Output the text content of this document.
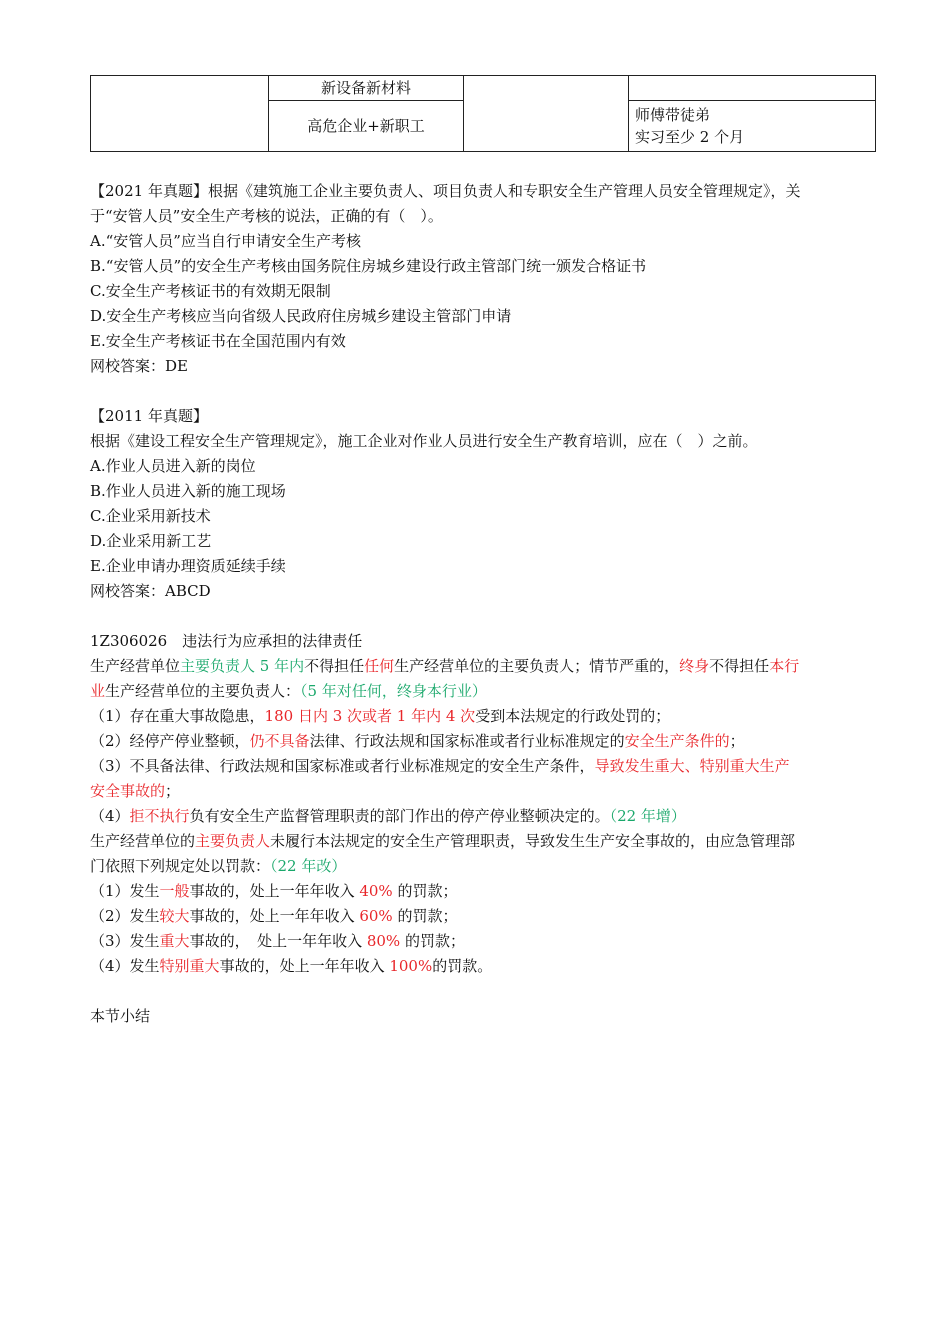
	新设备新材料		
	高危企业+新职工		师傅带徒弟
实习至少 2 个月
【2021 年真题】根据《建筑施工企业主要负责人、项目负责人和专职安全生产管理人员安全管理规定》，关
于“安管人员”安全生产考核的说法，正确的有（　）。
A.“安管人员”应当自行申请安全生产考核
B.“安管人员”的安全生产考核由国务院住房城乡建设行政主管部门统一颁发合格证书
C.安全生产考核证书的有效期无限制
D.安全生产考核应当向省级人民政府住房城乡建设主管部门申请
E.安全生产考核证书在全国范围内有效
网校答案：DE
【2011 年真题】
根据《建设工程安全生产管理规定》，施工企业对作业人员进行安全生产教育培训，应在（　）之前。
A.作业人员进入新的岗位
B.作业人员进入新的施工现场
C.企业采用新技术
D.企业采用新工艺
E.企业申请办理资质延续手续
网校答案：ABCD
1Z306026　违法行为应承担的法律责任
生产经营单位主要负责人 5 年内不得担任任何生产经营单位的主要负责人；情节严重的，终身不得担任本行
业生产经营单位的主要负责人：（5 年对任何，终身本行业）
（1）存在重大事故隐患，180 日内 3 次或者 1 年内 4 次受到本法规定的行政处罚的；
（2）经停产停业整顿，仍不具备法律、行政法规和国家标准或者行业标准规定的安全生产条件的；
（3）不具备法律、行政法规和国家标准或者行业标准规定的安全生产条件，导致发生重大、特别重大生产
安全事故的；
（4）拒不执行负有安全生产监督管理职责的部门作出的停产停业整顿决定的。（22 年增）
生产经营单位的主要负责人未履行本法规定的安全生产管理职责，导致发生生产安全事故的，由应急管理部
门依照下列规定处以罚款：（22 年改）
（1）发生一般事故的，处上一年年收入 40% 的罚款；
（2）发生较大事故的，处上一年年收入 60% 的罚款；
（3）发生重大事故的，　处上一年年收入 80% 的罚款；
（4）发生特别重大事故的，处上一年年收入 100%的罚款。
本节小结
